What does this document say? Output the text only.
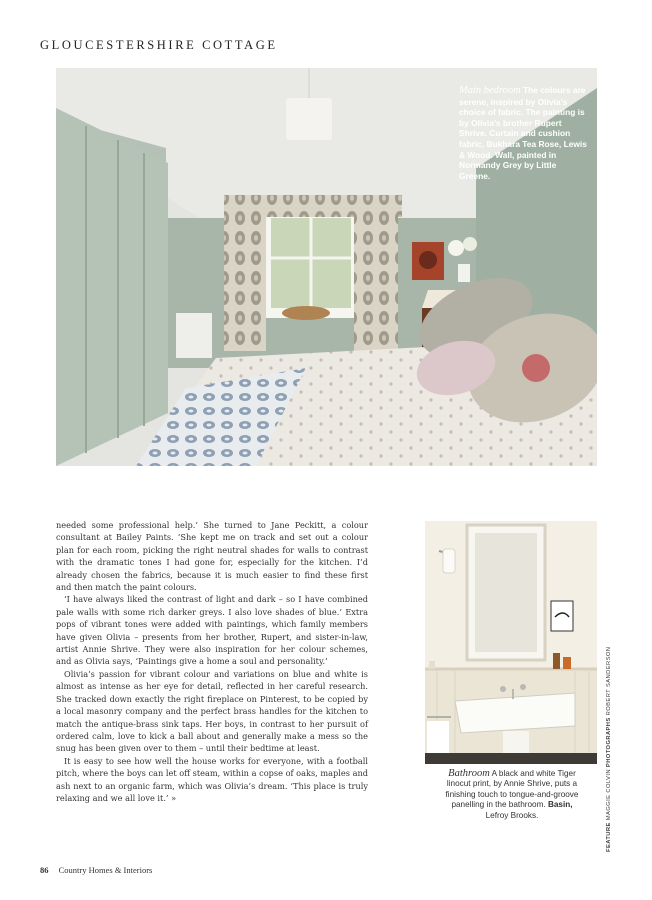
GLOUCESTERSHIRE COTTAGE
Main bedroom The colours are serene, inspired by Olivia’s choice of fabric. The painting is by Olivia’s brother Rupert Shrive. Curtain and cushion fabric, Bukhara Tea Rose, Lewis & Wood. Wall, painted in Normandy Grey by Little Greene.

needed some professional help.’ She turned to Jane Peckitt, a colour consultant at Bailey Paints. ‘She kept me on track and set out a colour plan for each room, picking the right neutral shades for walls to contrast with the dramatic tones I had gone for, especially for the kitchen. I’d already chosen the fabrics, because it is much easier to find these first and then match the paint colours.

‘I have always liked the contrast of light and dark – so I have combined pale walls with some rich darker greys. I also love shades of blue.’ Extra pops of vibrant tones were added with paintings, which family members have given Olivia – presents from her brother, Rupert, and sister-in-law, artist Annie Shrive. They were also inspiration for her colour schemes, and as Olivia says, ‘Paintings give a home a soul and personality.’

Olivia’s passion for vibrant colour and variations on blue and white is almost as intense as her eye for detail, reflected in her careful research. She tracked down exactly the right fireplace on Pinterest, to be copied by a local masonry company and the perfect brass handles for the kitchen to match the antique-brass sink taps. Her boys, in contrast to her pursuit of ordered calm, love to kick a ball about and generally make a mess so the snug has been given over to them – until their bedtime at least.

It is easy to see how well the house works for everyone, with a football pitch, where the boys can let off steam, within a copse of oaks, maples and ash next to an organic farm, which was Olivia’s dream. ‘This place is truly relaxing and we all love it.’ »

Bathroom A black and white Tiger linocut print, by Annie Shrive, puts a finishing touch to tongue-and-groove panelling in the bathroom. Basin, Lefroy Brooks.
FEATURE MAGGIE COLVIN PHOTOGRAPHS ROBERT SANDERSON
86 Country Homes & Interiors
